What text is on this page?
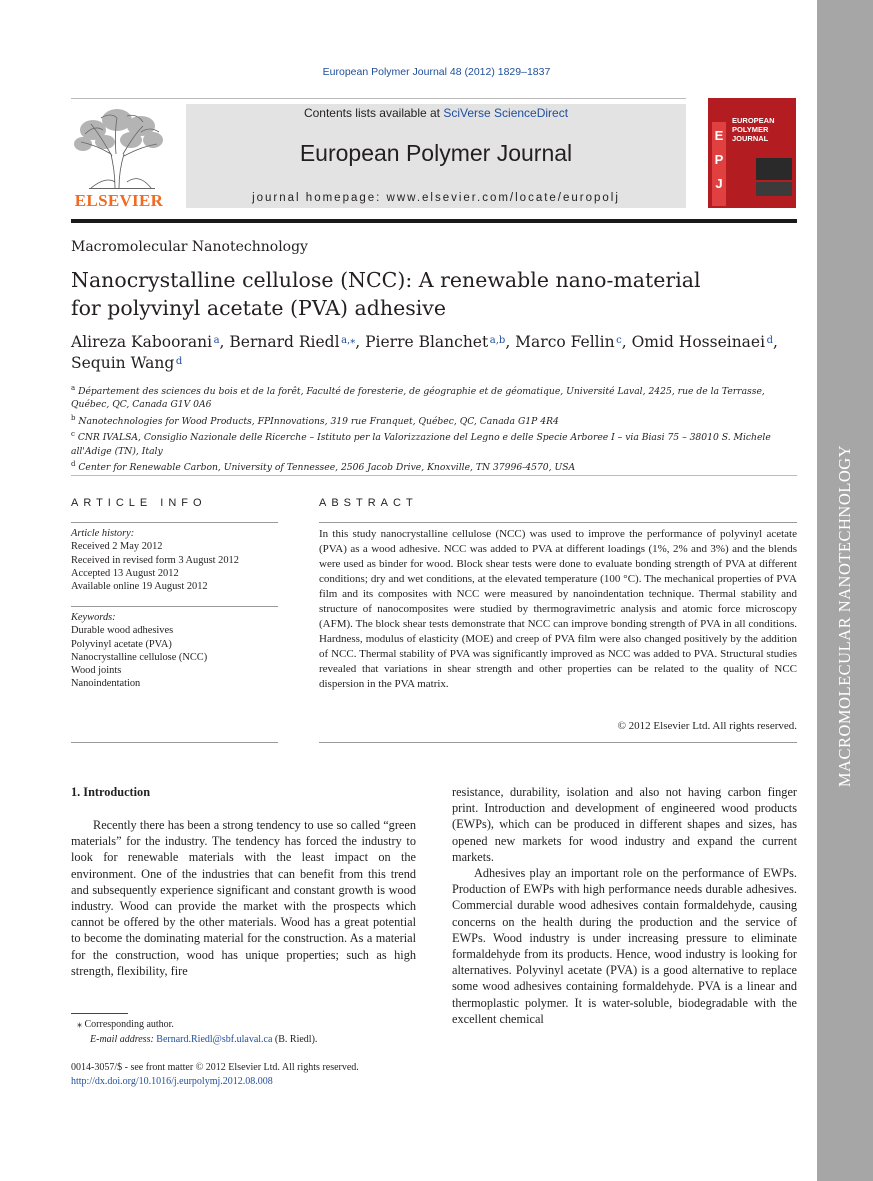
MACROMOLECULAR NANOTECHNOLOGY
European Polymer Journal 48 (2012) 1829–1837
ELSEVIER
Contents lists available at SciVerse ScienceDirect
European Polymer Journal
journal homepage: www.elsevier.com/locate/europolj
E
P
J
EUROPEAN POLYMER JOURNAL
Macromolecular Nanotechnology
Nanocrystalline cellulose (NCC): A renewable nano-material
for polyvinyl acetate (PVA) adhesive
Alireza Kaboorani  $^a$, Bernard Riedl  $^{a,⁎}$, Pierre Blanchet  $^{a,b}$, Marco Fellin  $^c$, Omid Hosseinaei  $^d$,
Sequin Wang  $^d$
$^a$ Département des sciences du bois et de la forêt, Faculté de foresterie, de géographie et de géomatique, Université Laval, 2425, rue de la Terrasse, Québec, QC, Canada G1V 0A6
$^b$ Nanotechnologies for Wood Products, FPInnovations, 319 rue Franquet, Québec, QC, Canada G1P 4R4
$^c$ CNR IVALSA, Consiglio Nazionale delle Ricerche – Istituto per la Valorizzazione del Legno e delle Specie Arboree I – via Biasi 75 – 38010 S. Michele all'Adige (TN), Italy
$^d$ Center for Renewable Carbon, University of Tennessee, 2506 Jacob Drive, Knoxville, TN 37996-4570, USA
ARTICLE INFO	ABSTRACT
Article history:
Received 2 May 2012
Received in revised form 3 August 2012
Accepted 13 August 2012
Available online 19 August 2012
Keywords:
Durable wood adhesives
Polyvinyl acetate (PVA)
Nanocrystalline cellulose (NCC)
Wood joints
Nanoindentation
In this study nanocrystalline cellulose (NCC) was used to improve the performance of polyvinyl acetate (PVA) as a wood adhesive. NCC was added to PVA at different loadings (1%, 2% and 3%) and the blends were used as binder for wood. Block shear tests were done to evaluate bonding strength of PVA at different conditions; dry and wet conditions, at the elevated temperature (100 °C). The mechanical properties of PVA film and its composites with NCC were measured by nanoindentation technique. Thermal stability and structure of nanocomposites were studied by thermogravimetric analysis and atomic force microscopy (AFM). The block shear tests demonstrate that NCC can improve bonding strength of PVA in all conditions. Hardness, modulus of elasticity (MOE) and creep of PVA film were also changed positively by the addition of NCC. Thermal stability of PVA was significantly improved as NCC was added to PVA. Structural studies revealed that variations in shear strength and other properties can be related to the quality of NCC dispersion in the PVA matrix.
© 2012 Elsevier Ltd. All rights reserved.
1. Introduction

Recently there has been a strong tendency to use so called “green materials” for the industry. The tendency has forced the industry to look for renewable materials with the least impact on the environment. One of the industries that can benefit from this trend and subsequently experience significant and constant growth is wood industry. Wood can provide the market with the prospects which cannot be offered by the other materials. Wood has a great potential to become the dominating material for the construction. As a material for the construction, wood has unique properties; such as high strength, flexibility, fire

resistance, durability, isolation and also not having carbon finger print. Introduction and development of engineered wood products (EWPs), which can be produced in different shapes and sizes, has opened new markets for wood industry and expand the current markets.

Adhesives play an important role on the performance of EWPs. Production of EWPs with high performance needs durable adhesives. Commercial durable wood adhesives contain formaldehyde, causing concerns on the health during the production and the service of EWPs. Wood industry is under increasing pressure to eliminate formaldehyde from its products. Hence, wood industry is looking for alternatives. Polyvinyl acetate (PVA) is a good alternative to replace some wood adhesives containing formaldehyde. PVA is a linear and thermoplastic polymer. It is water-soluble, biodegradable with the excellent chemical

⁎ Corresponding author.
E-mail address: Bernard.Riedl@sbf.ulaval.ca (B. Riedl).
0014-3057/$ - see front matter © 2012 Elsevier Ltd. All rights reserved.
http://dx.doi.org/10.1016/j.eurpolymj.2012.08.008
